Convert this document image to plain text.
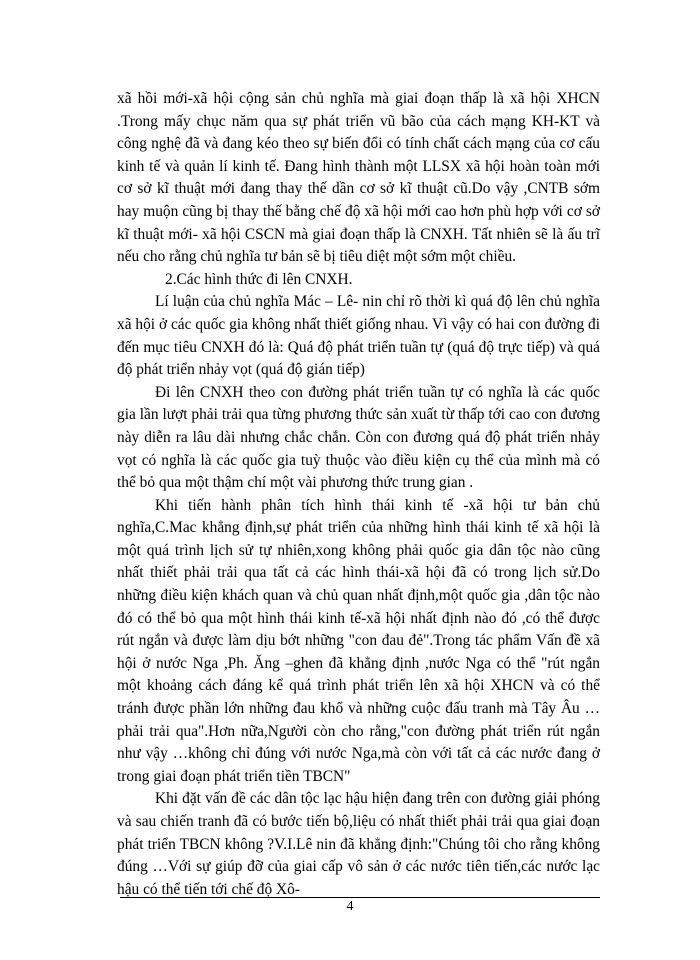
xã hồi mới-xã hội cộng sản chủ nghĩa mà giai đoạn thấp là xã hội XHCN .Trong mấy chục năm qua sự phát triển vũ bão của cách mạng KH-KT và công nghệ đã và đang kéo theo sự biến đổi có tính chất cách mạng của cơ cấu kinh tế và quản lí kinh tế. Đang hình thành một LLSX xã hội hoàn toàn mới cơ sở kĩ thuật mới đang thay thế dần cơ sở kĩ thuật cũ.Do vậy ,CNTB sớm hay muộn cũng bị thay thế bằng chế độ xã hội mới cao hơn phù hợp với cơ sở kĩ thuật mới- xã hội CSCN mà giai đoạn thấp là CNXH. Tất nhiên sẽ là ấu trĩ nếu cho rằng chủ nghĩa tư bản sẽ bị tiêu diệt một sớm một chiều.

2.Các hình thức đi lên CNXH.

Lí luận của chủ nghĩa Mác – Lê- nin chỉ rõ thời kì quá độ lên chủ nghĩa xã hội ở các quốc gia không nhất thiết giống nhau. Vì vậy có hai con đường đi đến mục tiêu CNXH đó là: Quá độ phát triển tuần tự (quá độ trực tiếp) và quá độ phát triển nhảy vọt (quá độ gián tiếp)

Đi lên CNXH theo con đường phát triển tuần tự có nghĩa là các quốc gia lần lượt phải trải qua từng phương thức sản xuất từ thấp tới cao con đương này diễn ra lâu dài nhưng chắc chắn. Còn con đương quá độ phát triển nhảy vọt có nghĩa là các quốc gia tuỳ thuộc vào điều kiện cụ thể của mình mà có thể bỏ qua một thậm chí một vài phương thức trung gian .

Khi tiến hành phân tích hình thái kinh tế -xã hội tư bản chủ nghĩa,C.Mac khẳng định,sự phát triển của những hình thái kinh tế xã hội là một quá trình lịch sử tự nhiên,xong không phải quốc gia dân tộc nào cũng nhất thiết phải trải qua tất cả các hình thái-xã hội đã có trong lịch sử.Do những điều kiện khách quan và chủ quan nhất định,một quốc gia ,dân tộc nào đó có thể bỏ qua một hình thái kinh tế-xã hội nhất định nào đó ,có thể được rút ngắn và được làm dịu bớt những "con đau đẻ".Trong tác phẩm Vấn đề xã hội ở nước Nga ,Ph. Ăng –ghen đã khẳng định ,nước Nga có thể "rút ngắn một khoảng cách đáng kể quá trình phát triển lên xã hội XHCN và có thể tránh được phần lớn những đau khổ và những cuộc đấu tranh mà Tây Âu …phải trải qua".Hơn nữa,Người còn cho rằng,"con đường phát triển rút ngắn như vậy …không chỉ đúng với nước Nga,mà còn với tất cả các nước đang ở trong giai đoạn phát triển tiền TBCN"

Khi đặt vấn đề các dân tộc lạc hậu hiện đang trên con đường giải phóng và sau chiến tranh đã có bước tiến bộ,liệu có nhất thiết phải trải qua giai đoạn phát triển TBCN không ?V.I.Lê nin đã khẳng định:"Chúng tôi cho rằng không đúng …Với sự giúp đỡ của giai cấp vô sản ở các nước tiên tiến,các nước lạc hậu có thể tiến tới chế độ Xô-

4
